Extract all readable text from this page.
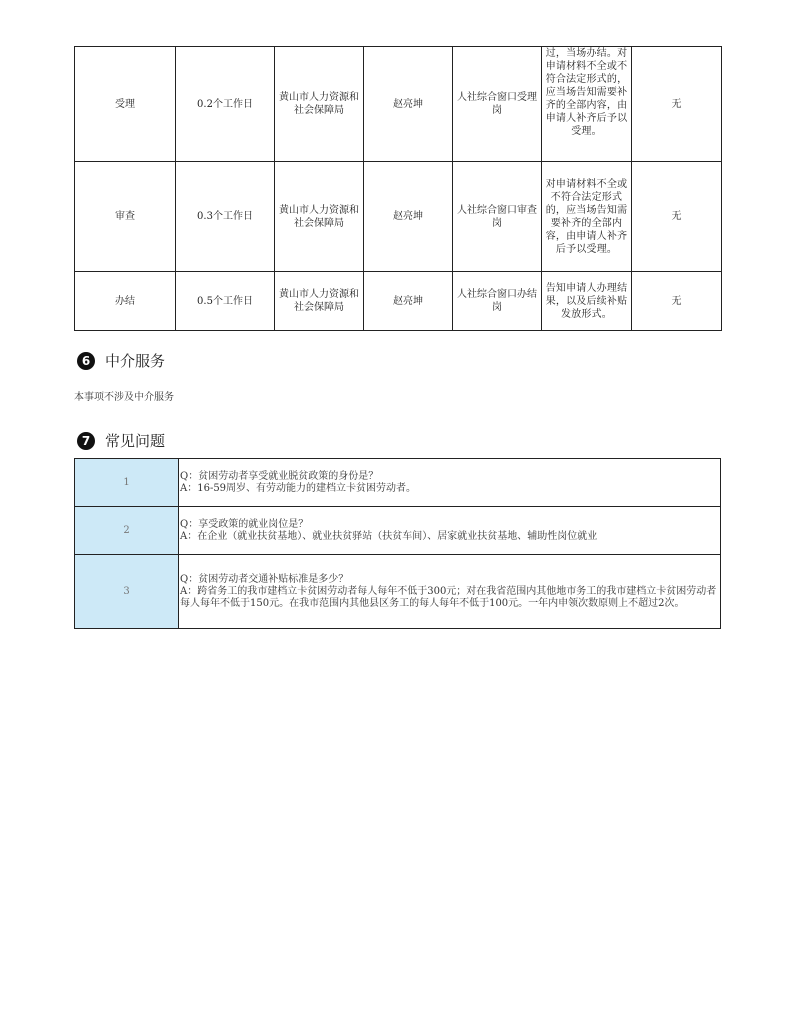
受理	0.2个工作日	黄山市人力资源和社会保障局	赵亮坤	人社综合窗口受理岗	过，当场办结。对申请材料不全或不符合法定形式的，应当场告知需要补齐的全部内容，由申请人补齐后予以受理。	无
审查	0.3个工作日	黄山市人力资源和社会保障局	赵亮坤	人社综合窗口审查岗	对申请材料不全或不符合法定形式的，应当场告知需要补齐的全部内容，由申请人补齐后予以受理。	无
办结	0.5个工作日	黄山市人力资源和社会保障局	赵亮坤	人社综合窗口办结岗	告知申请人办理结果，以及后续补贴发放形式。	无
6 中介服务
本事项不涉及中介服务
7 常见问题
1	Q：贫困劳动者享受就业脱贫政策的身份是？
A：16-59周岁、有劳动能力的建档立卡贫困劳动者。

2	Q：享受政策的就业岗位是？
A：在企业（就业扶贫基地）、就业扶贫驿站（扶贫车间）、居家就业扶贫基地、辅助性岗位就业

3	Q：贫困劳动者交通补贴标准是多少？
A：跨省务工的我市建档立卡贫困劳动者每人每年不低于300元；对在我省范围内其他地市务工的我市建档立卡贫困劳动者每人每年不低于150元。在我市范围内其他县区务工的每人每年不低于100元。一年内申领次数原则上不超过2次。
